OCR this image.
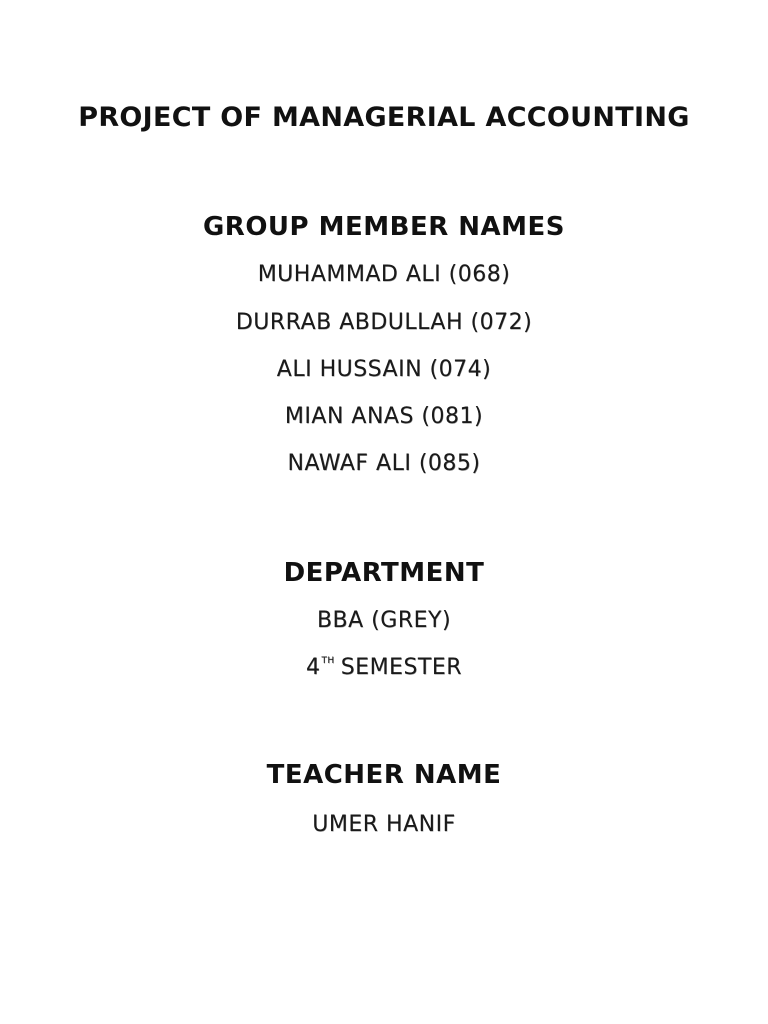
PROJECT OF MANAGERIAL ACCOUNTING
GROUP MEMBER NAMES
MUHAMMAD ALI (068)
DURRAB ABDULLAH (072)
ALI HUSSAIN (074)
MIAN ANAS (081)
NAWAF ALI (085)
DEPARTMENT
BBA (GREY)
4TH SEMESTER
TEACHER NAME
UMER HANIF
